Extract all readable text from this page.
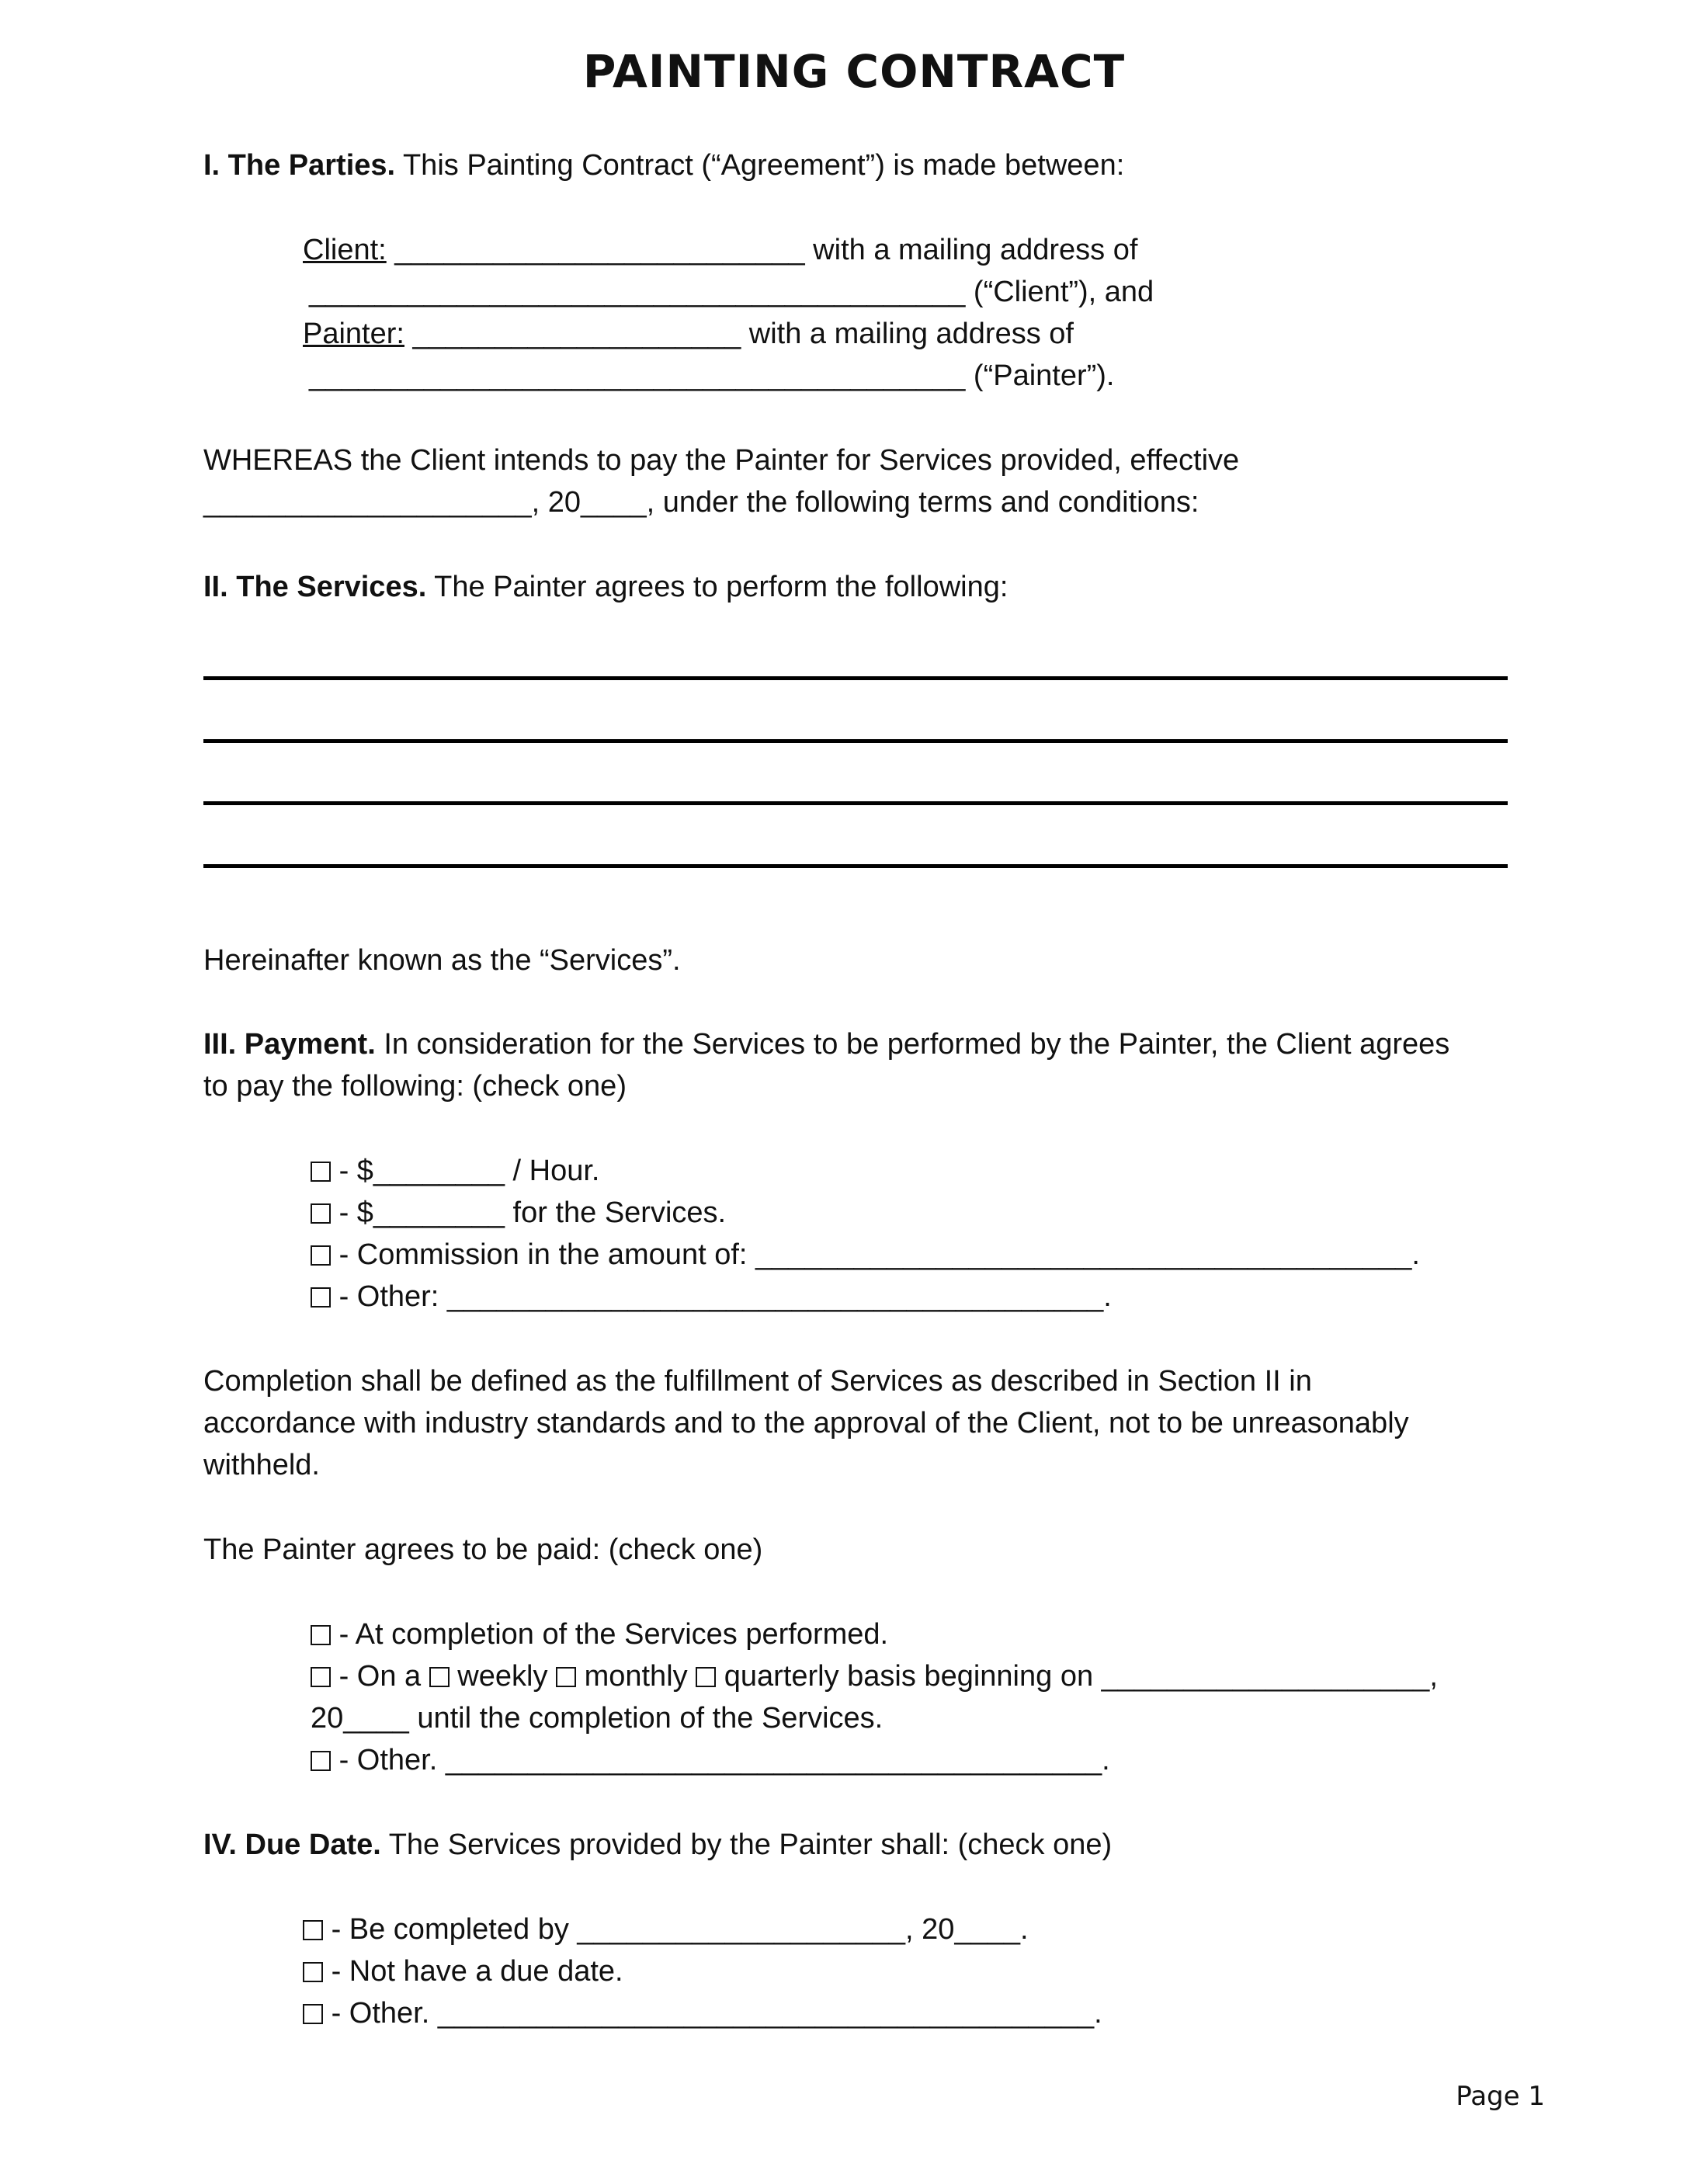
PAINTING CONTRACT
I. The Parties. This Painting Contract (“Agreement”) is made between:
Client: _________________________ with a mailing address of
________________________________________ (“Client”), and
Painter: ____________________ with a mailing address of
________________________________________ (“Painter”).
WHEREAS the Client intends to pay the Painter for Services provided, effective
____________________, 20____, under the following terms and conditions:
II. The Services. The Painter agrees to perform the following:
Hereinafter known as the “Services”.
III. Payment. In consideration for the Services to be performed by the Painter, the Client agrees
to pay the following: (check one)
- $________ / Hour.
- $________ for the Services.
- Commission in the amount of: ________________________________________.
- Other: ________________________________________.
Completion shall be defined as the fulfillment of Services as described in Section II in
accordance with industry standards and to the approval of the Client, not to be unreasonably
withheld.
The Painter agrees to be paid: (check one)
- At completion of the Services performed.
- On a weekly monthly quarterly basis beginning on ____________________,
20____ until the completion of the Services.
- Other. ________________________________________.
IV. Due Date. The Services provided by the Painter shall: (check one)
- Be completed by ____________________, 20____.
- Not have a due date.
- Other. ________________________________________.
Page 1
